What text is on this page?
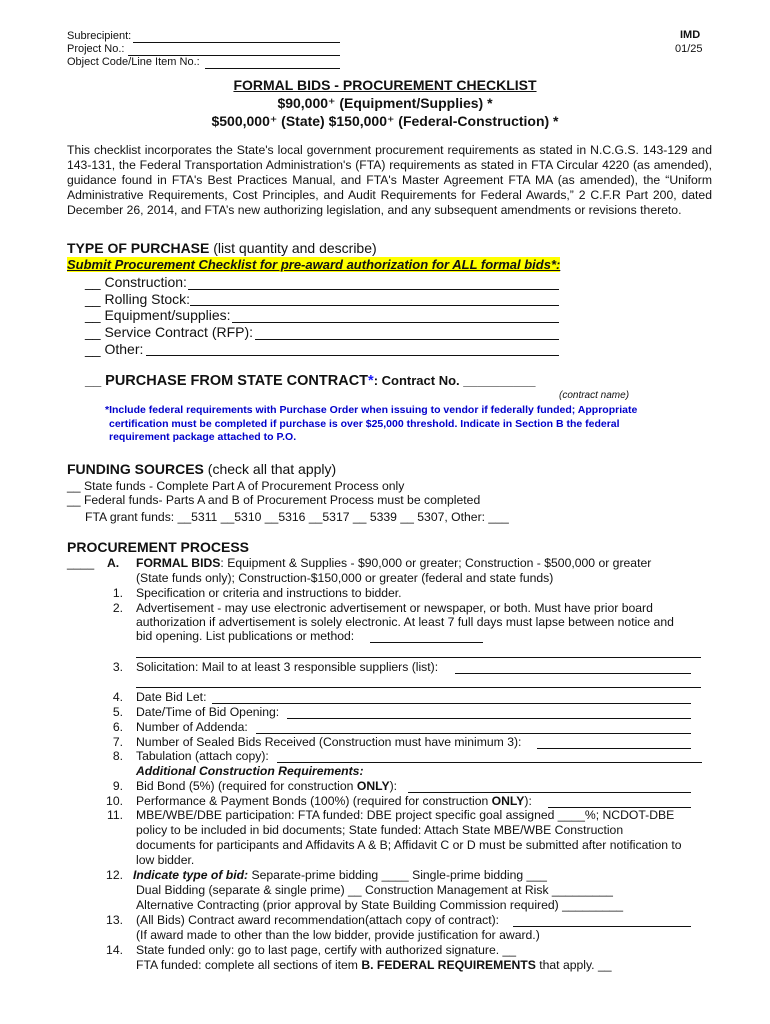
Subrecipient:
Project No.:
Object Code/Line Item No.:
IMD
01/25
FORMAL BIDS - PROCUREMENT CHECKLIST
$90,000⁺ (Equipment/Supplies) *
$500,000⁺ (State) $150,000⁺ (Federal-Construction) *
This checklist incorporates the State's local government procurement requirements as stated in N.C.G.S. 143-129 and 143-131, the Federal Transportation Administration's (FTA) requirements as stated in FTA Circular 4220 (as amended), guidance found in FTA's Best Practices Manual, and FTA's Master Agreement FTA MA (as amended), the “Uniform Administrative Requirements, Cost Principles, and Audit Requirements for Federal Awards,” 2 C.F.R Part 200, dated December 26, 2014, and FTA’s new authorizing legislation, and any subsequent amendments or revisions thereto.
TYPE OF PURCHASE (list quantity and describe)
Submit Procurement Checklist for pre-award authorization for ALL formal bids*:
__ Construction:
__ Rolling Stock:
__ Equipment/supplies:
__ Service Contract (RFP):
__ Other:
__ PURCHASE FROM STATE CONTRACT*: Contract No. __________
(contract name)
*Include federal requirements with Purchase Order when issuing to vendor if federally funded; Appropriate
certification must be completed if purchase is over $25,000 threshold. Indicate in Section B the federal
requirement package attached to P.O.
FUNDING SOURCES (check all that apply)
__ State funds - Complete Part A of Procurement Process only
__ Federal funds- Parts A and B of Procurement Process must be completed
FTA grant funds: __5311 __5310 __5316 __5317 __ 5339 __ 5307, Other: ___
PROCUREMENT PROCESS
____ A. FORMAL BIDS: Equipment & Supplies - $90,000 or greater; Construction - $500,000 or greater
(State funds only); Construction-$150,000 or greater (federal and state funds)
1. Specification or criteria and instructions to bidder.
2. Advertisement - may use electronic advertisement or newspaper, or both. Must have prior board
authorization if advertisement is solely electronic. At least 7 full days must lapse between notice and
bid opening. List publications or method:
3. Solicitation: Mail to at least 3 responsible suppliers (list):
4. Date Bid Let:
5. Date/Time of Bid Opening:
6. Number of Addenda:
7. Number of Sealed Bids Received (Construction must have minimum 3):
8. Tabulation (attach copy):
Additional Construction Requirements:
9. Bid Bond (5%) (required for construction ONLY):
10. Performance & Payment Bonds (100%) (required for construction ONLY):
11. MBE/WBE/DBE participation: FTA funded: DBE project specific goal assigned ____%; NCDOT-DBE
policy to be included in bid documents; State funded: Attach State MBE/WBE Construction
documents for participants and Affidavits A & B; Affidavit C or D must be submitted after notification to
low bidder.
12. Indicate type of bid: Separate-prime bidding ____ Single-prime bidding ___
Dual Bidding (separate & single prime) __ Construction Management at Risk _________
Alternative Contracting (prior approval by State Building Commission required) _________
13. (All Bids) Contract award recommendation(attach copy of contract):
(If award made to other than the low bidder, provide justification for award.)
14. State funded only: go to last page, certify with authorized signature. __
FTA funded: complete all sections of item B. FEDERAL REQUIREMENTS that apply. __
